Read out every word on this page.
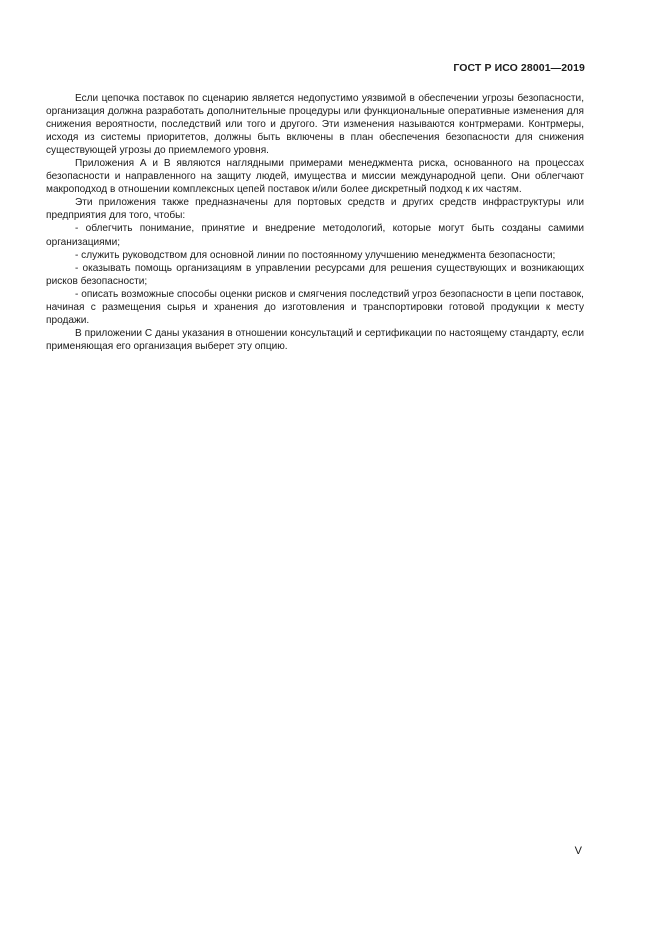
ГОСТ Р ИСО 28001—2019

Если цепочка поставок по сценарию является недопустимо уязвимой в обеспечении угрозы безопасности, организация должна разработать дополнительные процедуры или функциональные оперативные изменения для снижения вероятности, последствий или того и другого. Эти изменения называются контрмерами. Контрмеры, исходя из системы приоритетов, должны быть включены в план обеспечения безопасности для снижения существующей угрозы до приемлемого уровня.

Приложения А и В являются наглядными примерами менеджмента риска, основанного на процессах безопасности и направленного на защиту людей, имущества и миссии международной цепи. Они облегчают макроподход в отношении комплексных цепей поставок и/или более дискретный подход к их частям.

Эти приложения также предназначены для портовых средств и других средств инфраструктуры или предприятия для того, чтобы:

- облегчить понимание, принятие и внедрение методологий, которые могут быть созданы самими организациями;

- служить руководством для основной линии по постоянному улучшению менеджмента безопасности;

- оказывать помощь организациям в управлении ресурсами для решения существующих и возникающих рисков безопасности;

- описать возможные способы оценки рисков и смягчения последствий угроз безопасности в цепи поставок, начиная с размещения сырья и хранения до изготовления и транспортировки готовой продукции к месту продажи.

В приложении С даны указания в отношении консультаций и сертификации по настоящему стандарту, если применяющая его организация выберет эту опцию.

V
